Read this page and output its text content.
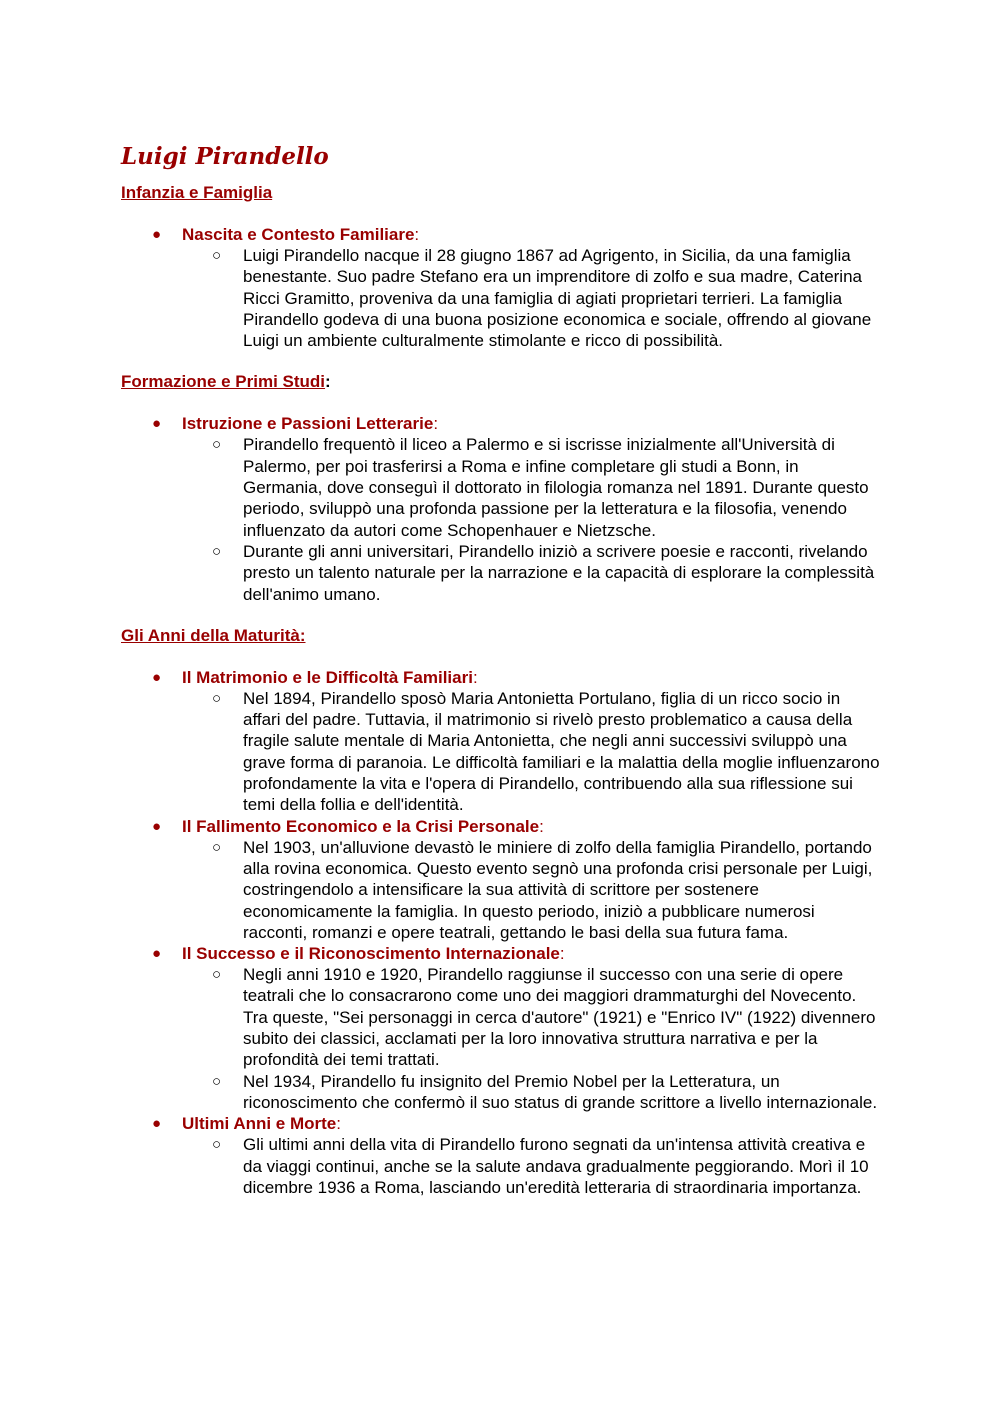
Luigi Pirandello
Infanzia e Famiglia
● Nascita e Contesto Familiare:
○ Luigi Pirandello nacque il 28 giugno 1867 ad Agrigento, in Sicilia, da una famiglia benestante. Suo padre Stefano era un imprenditore di zolfo e sua madre, Caterina Ricci Gramitto, proveniva da una famiglia di agiati proprietari terrieri. La famiglia Pirandello godeva di una buona posizione economica e sociale, offrendo al giovane Luigi un ambiente culturalmente stimolante e ricco di possibilità.
Formazione e Primi Studi:
● Istruzione e Passioni Letterarie:
○ Pirandello frequentò il liceo a Palermo e si iscrisse inizialmente all'Università di Palermo, per poi trasferirsi a Roma e infine completare gli studi a Bonn, in Germania, dove conseguì il dottorato in filologia romanza nel 1891. Durante questo periodo, sviluppò una profonda passione per la letteratura e la filosofia, venendo influenzato da autori come Schopenhauer e Nietzsche.
○ Durante gli anni universitari, Pirandello iniziò a scrivere poesie e racconti, rivelando presto un talento naturale per la narrazione e la capacità di esplorare la complessità dell'animo umano.
Gli Anni della Maturità:
● Il Matrimonio e le Difficoltà Familiari:
○ Nel 1894, Pirandello sposò Maria Antonietta Portulano, figlia di un ricco socio in affari del padre. Tuttavia, il matrimonio si rivelò presto problematico a causa della fragile salute mentale di Maria Antonietta, che negli anni successivi sviluppò una grave forma di paranoia. Le difficoltà familiari e la malattia della moglie influenzarono profondamente la vita e l'opera di Pirandello, contribuendo alla sua riflessione sui temi della follia e dell'identità.
● Il Fallimento Economico e la Crisi Personale:
○ Nel 1903, un'alluvione devastò le miniere di zolfo della famiglia Pirandello, portando alla rovina economica. Questo evento segnò una profonda crisi personale per Luigi, costringendolo a intensificare la sua attività di scrittore per sostenere economicamente la famiglia. In questo periodo, iniziò a pubblicare numerosi racconti, romanzi e opere teatrali, gettando le basi della sua futura fama.
● Il Successo e il Riconoscimento Internazionale:
○ Negli anni 1910 e 1920, Pirandello raggiunse il successo con una serie di opere teatrali che lo consacrarono come uno dei maggiori drammaturghi del Novecento. Tra queste, "Sei personaggi in cerca d'autore" (1921) e "Enrico IV" (1922) divennero subito dei classici, acclamati per la loro innovativa struttura narrativa e per la profondità dei temi trattati.
○ Nel 1934, Pirandello fu insignito del Premio Nobel per la Letteratura, un riconoscimento che confermò il suo status di grande scrittore a livello internazionale.
● Ultimi Anni e Morte:
○ Gli ultimi anni della vita di Pirandello furono segnati da un'intensa attività creativa e da viaggi continui, anche se la salute andava gradualmente peggiorando. Morì il 10 dicembre 1936 a Roma, lasciando un'eredità letteraria di straordinaria importanza.
